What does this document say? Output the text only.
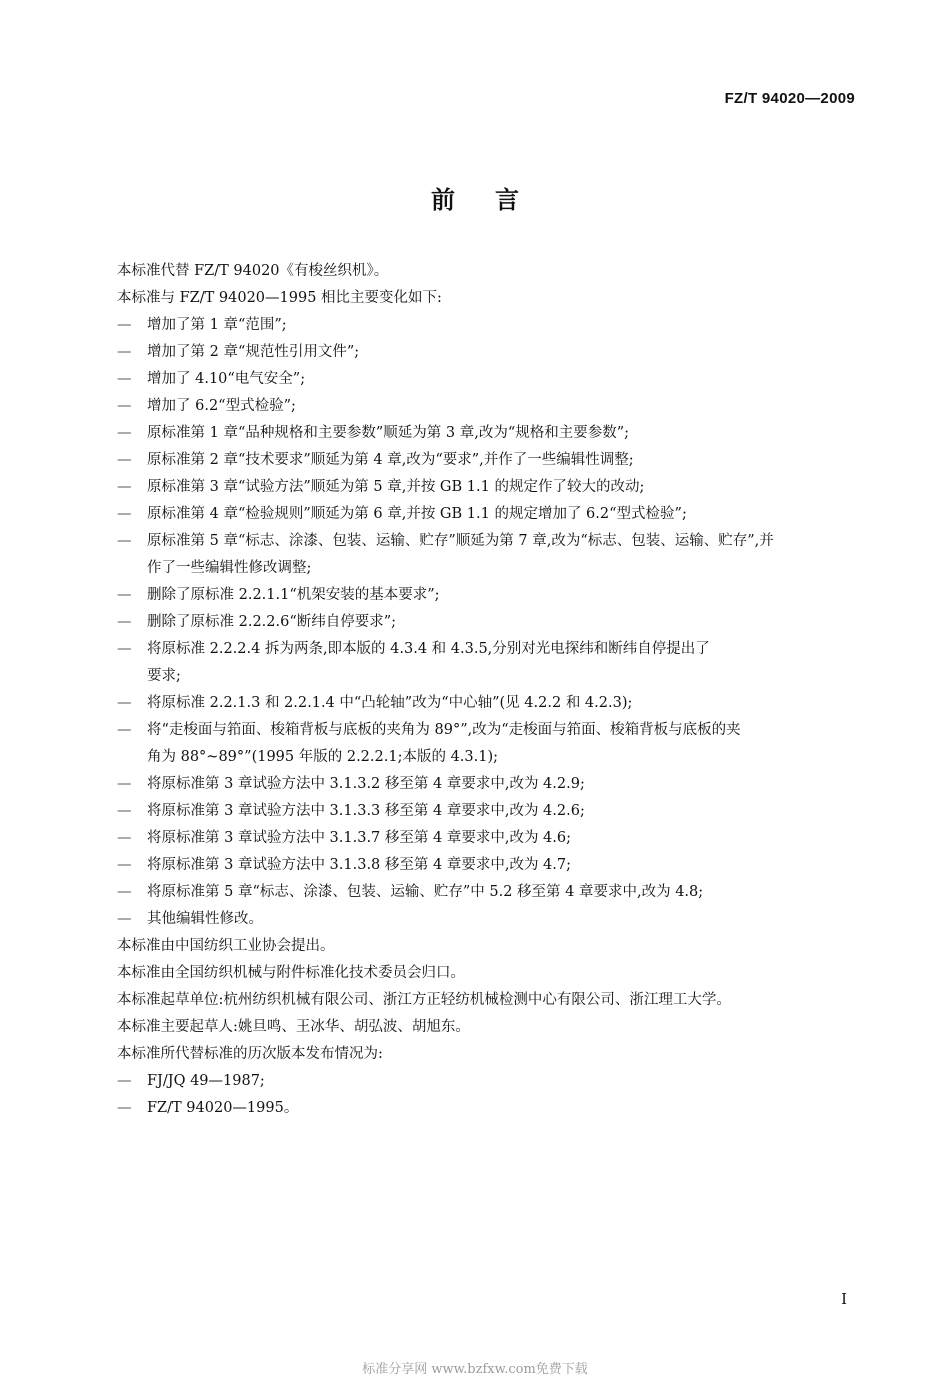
FZ/T 94020—2009
前言
本标准代替 FZ/T 94020《有梭丝织机》。
本标准与 FZ/T 94020—1995 相比主要变化如下:
— 增加了第 1 章“范围”;
— 增加了第 2 章“规范性引用文件”;
— 增加了 4.10“电气安全”;
— 增加了 6.2“型式检验”;
— 原标准第 1 章“品种规格和主要参数”顺延为第 3 章,改为“规格和主要参数”;
— 原标准第 2 章“技术要求”顺延为第 4 章,改为“要求”,并作了一些编辑性调整;
— 原标准第 3 章“试验方法”顺延为第 5 章,并按 GB 1.1 的规定作了较大的改动;
— 原标准第 4 章“检验规则”顺延为第 6 章,并按 GB 1.1 的规定增加了 6.2“型式检验”;
— 原标准第 5 章“标志、涂漆、包装、运输、贮存”顺延为第 7 章,改为“标志、包装、运输、贮存”,并
作了一些编辑性修改调整;
— 删除了原标准 2.2.1.1“机架安装的基本要求”;
— 删除了原标准 2.2.2.6“断纬自停要求”;
— 将原标准 2.2.2.4 拆为两条,即本版的 4.3.4 和 4.3.5,分别对光电探纬和断纬自停提出了
要求;
— 将原标准 2.2.1.3 和 2.2.1.4 中“凸轮轴”改为“中心轴”(见 4.2.2 和 4.2.3);
— 将“走梭面与筘面、梭箱背板与底板的夹角为 89°”,改为“走梭面与筘面、梭箱背板与底板的夹
角为 88°~89°”(1995 年版的 2.2.2.1;本版的 4.3.1);
— 将原标准第 3 章试验方法中 3.1.3.2 移至第 4 章要求中,改为 4.2.9;
— 将原标准第 3 章试验方法中 3.1.3.3 移至第 4 章要求中,改为 4.2.6;
— 将原标准第 3 章试验方法中 3.1.3.7 移至第 4 章要求中,改为 4.6;
— 将原标准第 3 章试验方法中 3.1.3.8 移至第 4 章要求中,改为 4.7;
— 将原标准第 5 章“标志、涂漆、包装、运输、贮存”中 5.2 移至第 4 章要求中,改为 4.8;
— 其他编辑性修改。
本标准由中国纺织工业协会提出。
本标准由全国纺织机械与附件标准化技术委员会归口。
本标准起草单位:杭州纺织机械有限公司、浙江方正轻纺机械检测中心有限公司、浙江理工大学。
本标准主要起草人:姚旦鸣、王冰华、胡弘波、胡旭东。
本标准所代替标准的历次版本发布情况为:
— FJ/JQ 49—1987;
— FZ/T 94020—1995。
I
标准分享网 www.bzfxw.com免费下载
